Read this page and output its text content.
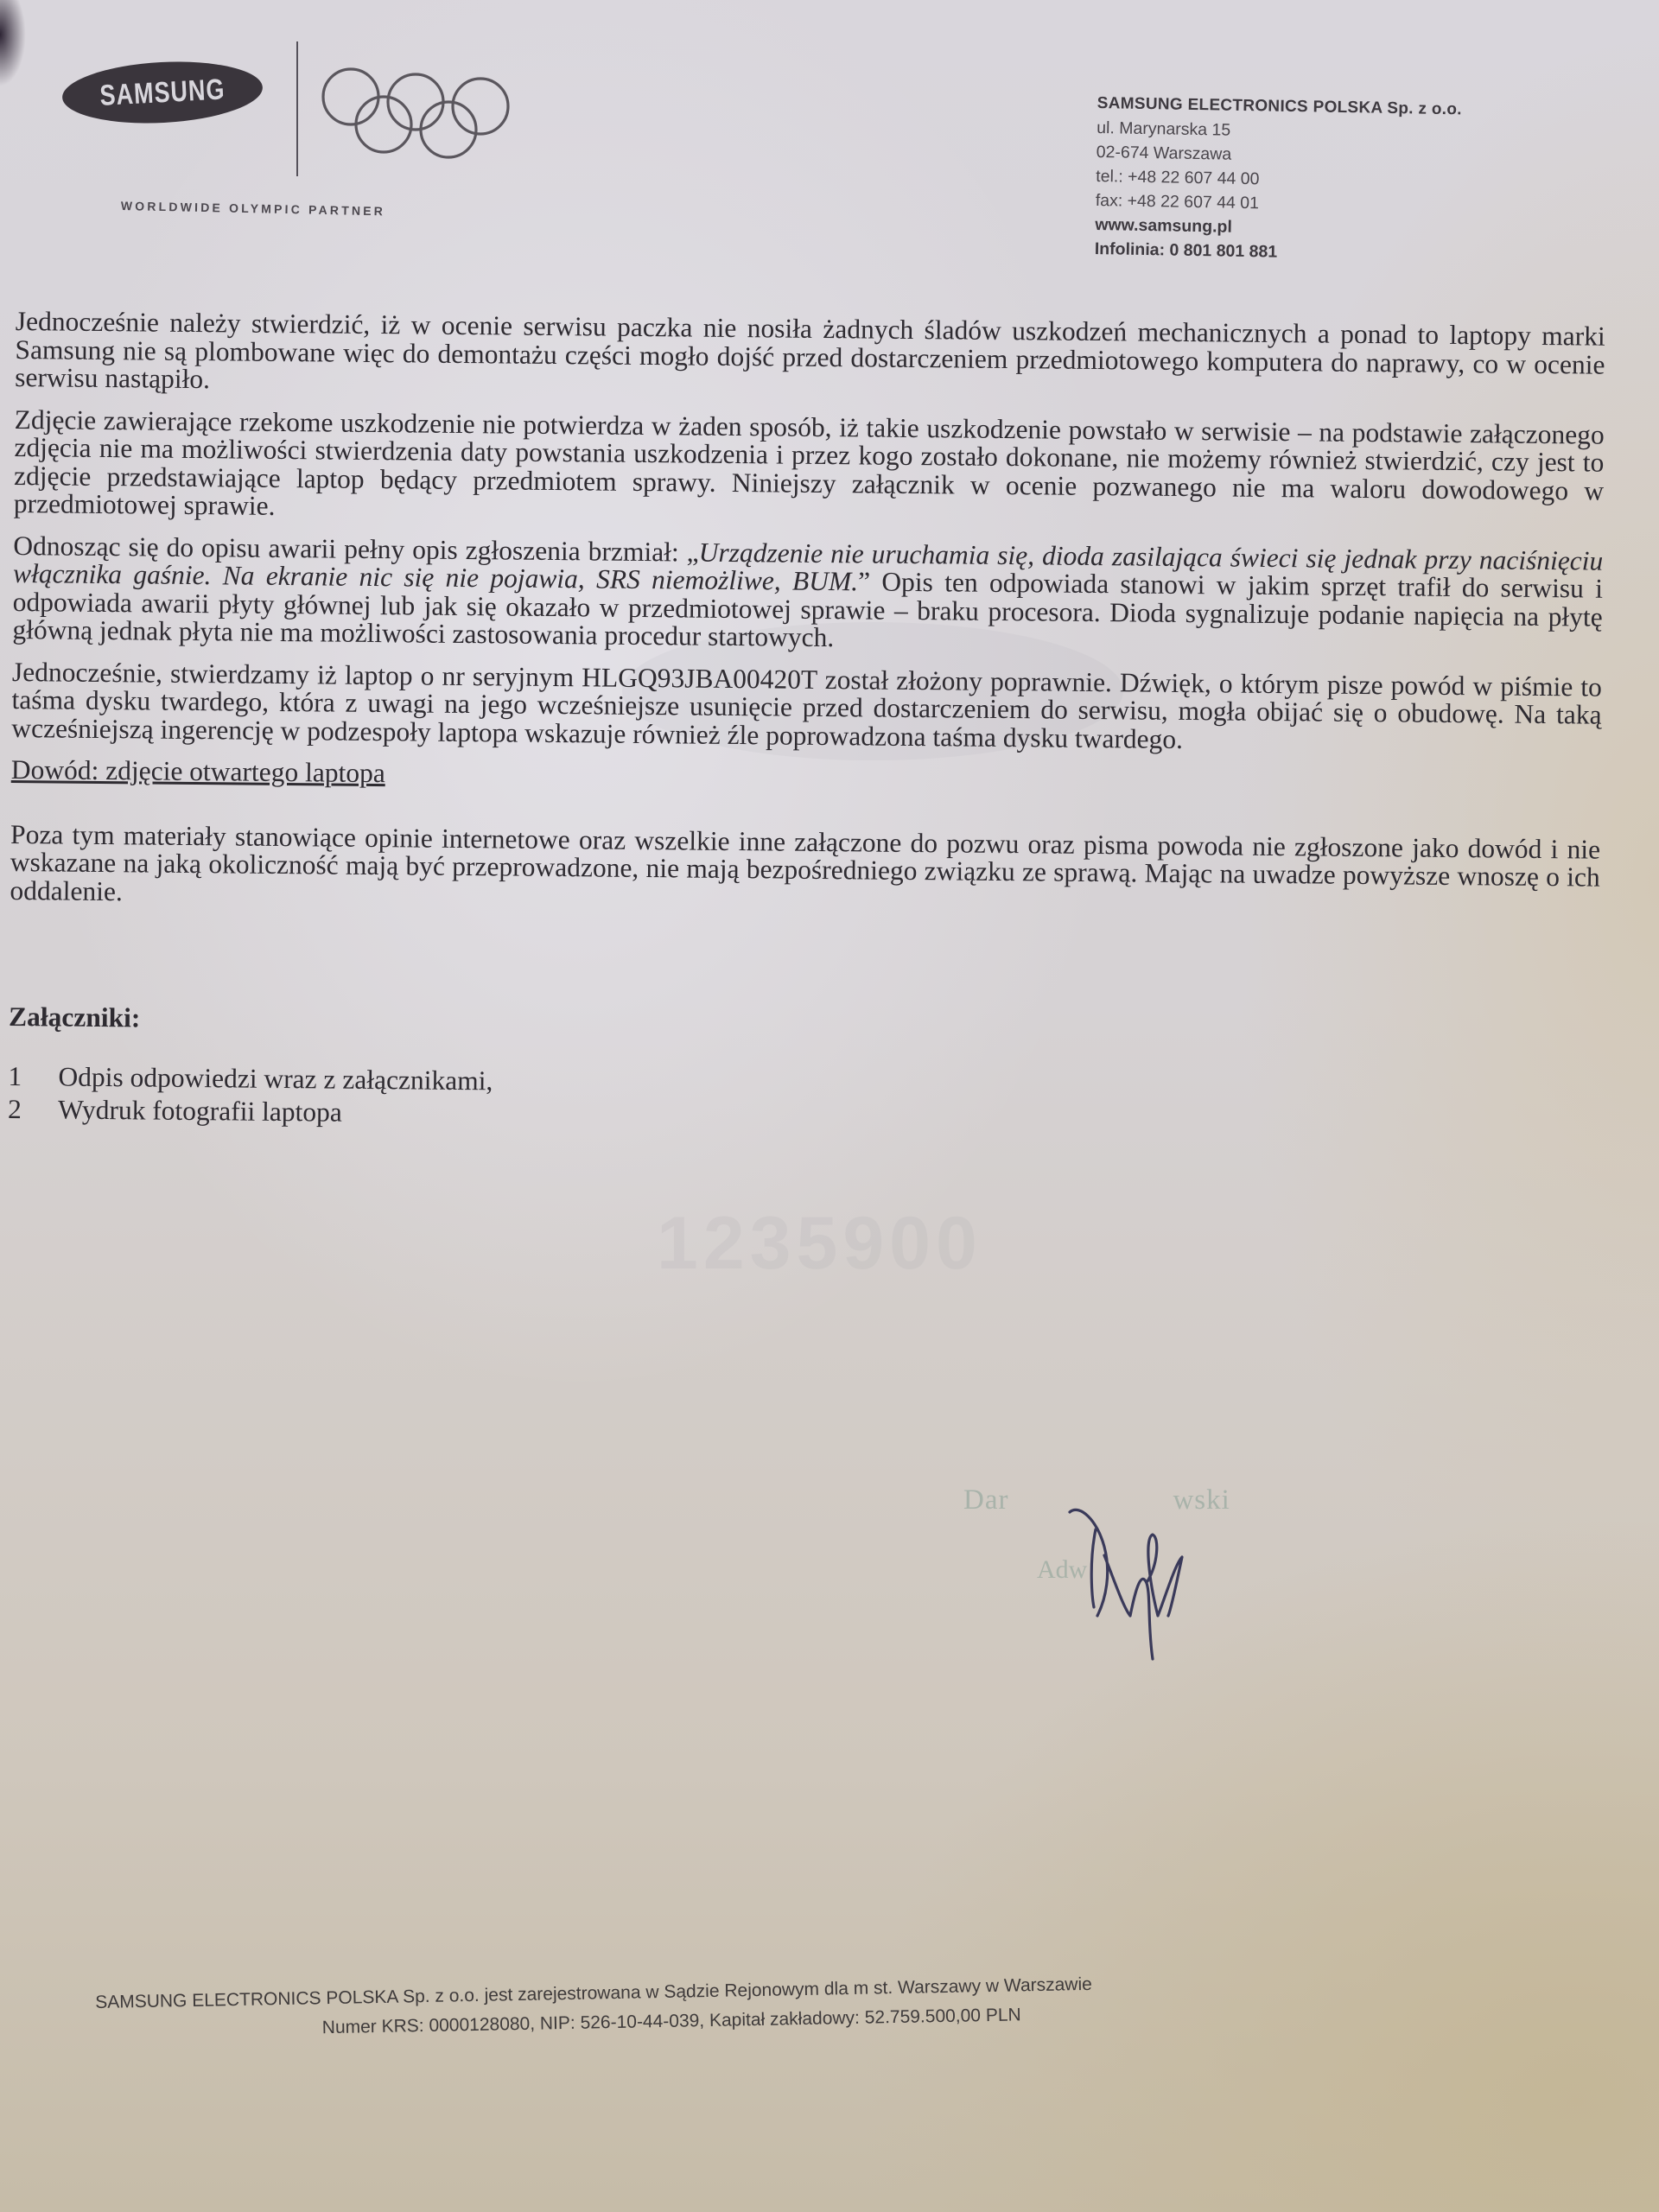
1235900
SAMSUNG
WORLDWIDE OLYMPIC PARTNER
SAMSUNG ELECTRONICS POLSKA Sp. z o.o.
ul. Marynarska 15
02-674 Warszawa
tel.: +48 22 607 44 00
fax: +48 22 607 44 01
www.samsung.pl
Infolinia: 0 801 801 881

Jednocześnie należy stwierdzić, iż w ocenie serwisu paczka nie nosiła żadnych śladów uszkodzeń mechanicznych a ponad to laptopy marki Samsung nie są plombowane więc do demontażu części mogło dojść przed dostarczeniem przedmiotowego komputera do naprawy, co w ocenie serwisu nastąpiło.

Zdjęcie zawierające rzekome uszkodzenie nie potwierdza w żaden sposób, iż takie uszkodzenie powstało w serwisie – na podstawie załączonego zdjęcia nie ma możliwości stwierdzenia daty powstania uszkodzenia i przez kogo zostało dokonane, nie możemy również stwierdzić, czy jest to zdjęcie przedstawiające laptop będący przedmiotem sprawy. Niniejszy załącznik w ocenie pozwanego nie ma waloru dowodowego w przedmiotowej sprawie.

Odnosząc się do opisu awarii pełny opis zgłoszenia brzmiał: „Urządzenie nie uruchamia się, dioda zasilająca świeci się jednak przy naciśnięciu włącznika gaśnie. Na ekranie nic się nie pojawia, SRS niemożliwe, BUM.” Opis ten odpowiada stanowi w jakim sprzęt trafił do serwisu i odpowiada awarii płyty głównej lub jak się okazało w przedmiotowej sprawie – braku procesora. Dioda sygnalizuje podanie napięcia na płytę główną jednak płyta nie ma możliwości zastosowania procedur startowych.

Jednocześnie, stwierdzamy iż laptop o nr seryjnym HLGQ93JBA00420T został złożony poprawnie. Dźwięk, o którym pisze powód w piśmie to taśma dysku twardego, która z uwagi na jego wcześniejsze usunięcie przed dostarczeniem do serwisu, mogła obijać się o obudowę. Na taką wcześniejszą ingerencję w podzespoły laptopa wskazuje również źle poprowadzona taśma dysku twardego.

Dowód: zdjęcie otwartego laptopa

Poza tym materiały stanowiące opinie internetowe oraz wszelkie inne załączone do pozwu oraz pisma powoda nie zgłoszone jako dowód i nie wskazane na jaką okoliczność mają być przeprowadzone, nie mają bezpośredniego związku ze sprawą. Mając na uwadze powyższe wnoszę o ich oddalenie.

Załączniki:
1	Odpis odpowiedzi wraz z załącznikami,
2	Wydruk fotografii laptopa
Dar	wski
Adw
SAMSUNG ELECTRONICS POLSKA Sp. z o.o. jest zarejestrowana w Sądzie Rejonowym dla m st. Warszawy w Warszawie
Numer KRS: 0000128080, NIP: 526-10-44-039, Kapitał zakładowy: 52.759.500,00 PLN
